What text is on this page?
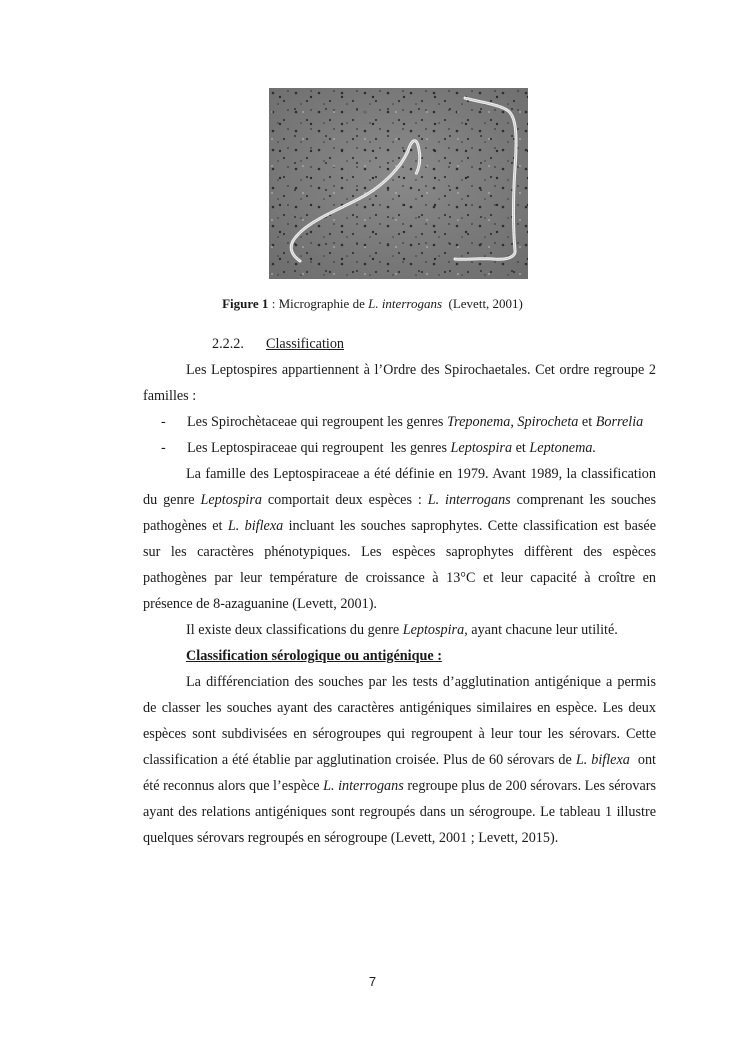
Figure 1 : Micrographie de L. interrogans  (Levett, 2001)
2.2.2. Classification

Les Leptospires appartiennent à l’Ordre des Spirochaetales. Cet ordre regroupe 2 familles :

- Les Spirochètaceae qui regroupent les genres Treponema, Spirocheta et Borrelia

- Les Leptospiraceae qui regroupent  les genres Leptospira et Leptonema.

La famille des Leptospiraceae a été définie en 1979. Avant 1989, la classification du genre Leptospira comportait deux espèces : L. interrogans comprenant les souches pathogènes et L. biflexa incluant les souches saprophytes. Cette classification est basée sur les caractères phénotypiques. Les espèces saprophytes diffèrent des espèces pathogènes par leur température de croissance à 13°C et leur capacité à croître en présence de 8-azaguanine (Levett, 2001).

Il existe deux classifications du genre Leptospira, ayant chacune leur utilité.

Classification sérologique ou antigénique :

La différenciation des souches par les tests d’agglutination antigénique a permis de classer les souches ayant des caractères antigéniques similaires en espèce. Les deux espèces sont subdivisées en sérogroupes qui regroupent à leur tour les sérovars. Cette classification a été établie par agglutination croisée. Plus de 60 sérovars de L. biflexa  ont été reconnus alors que l’espèce L. interrogans regroupe plus de 200 sérovars. Les sérovars ayant des relations antigéniques sont regroupés dans un sérogroupe. Le tableau 1 illustre quelques sérovars regroupés en sérogroupe (Levett, 2001 ; Levett, 2015).

7
